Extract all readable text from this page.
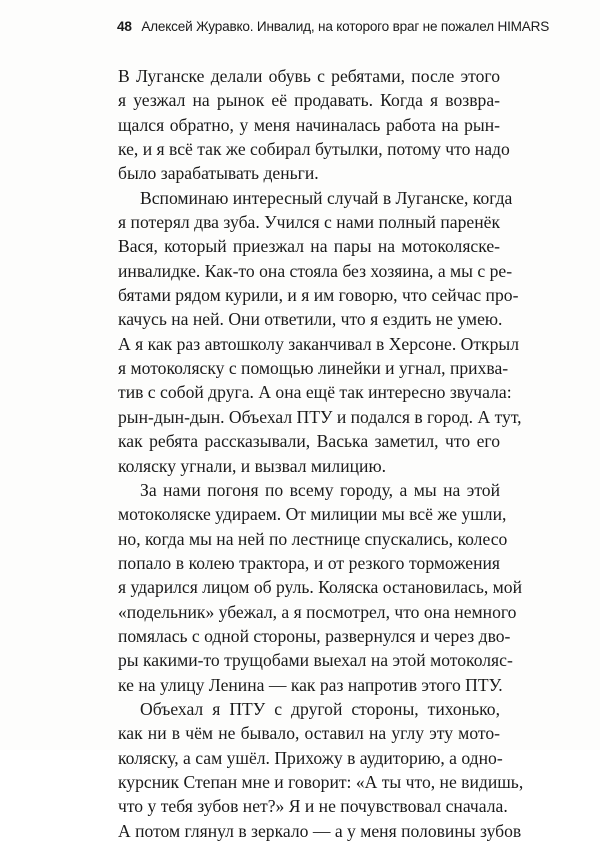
48 Алексей Журавко. Инвалид, на которого враг не пожалел HIMARS
В Луганске делали обувь с ребятами, после этого
я уезжал на рынок её продавать. Когда я возвра-
щался обратно, у меня начиналась работа на рын-
ке, и я всё так же собирал бутылки, потому что надо
было зарабатывать деньги.
Вспоминаю интересный случай в Луганске, когда
я потерял два зуба. Учился с нами полный паренёк
Вася, который приезжал на пары на мотоколяске-
инвалидке. Как-то она стояла без хозяина, а мы с ре-
бятами рядом курили, и я им говорю, что сейчас про-
качусь на ней. Они ответили, что я ездить не умею.
А я как раз автошколу заканчивал в Херсоне. Открыл
я мотоколяску с помощью линейки и угнал, прихва-
тив с собой друга. А она ещё так интересно звучала:
рын-дын-дын. Объехал ПТУ и подался в город. А тут,
как ребята рассказывали, Васька заметил, что его
коляску угнали, и вызвал милицию.
За нами погоня по всему городу, а мы на этой
мотоколяске удираем. От милиции мы всё же ушли,
но, когда мы на ней по лестнице спускались, колесо
попало в колею трактора, и от резкого торможения
я ударился лицом об руль. Коляска остановилась, мой
«подельник» убежал, а я посмотрел, что она немного
помялась с одной стороны, развернулся и через дво-
ры какими-то трущобами выехал на этой мотоколяс-
ке на улицу Ленина — как раз напротив этого ПТУ.
Объехал я ПТУ с другой стороны, тихонько,
как ни в чём не бывало, оставил на углу эту мото-
коляску, а сам ушёл. Прихожу в аудиторию, а одно-
курсник Степан мне и говорит: «А ты что, не видишь,
что у тебя зубов нет?» Я и не почувствовал сначала.
А потом глянул в зеркало — а у меня половины зубов
